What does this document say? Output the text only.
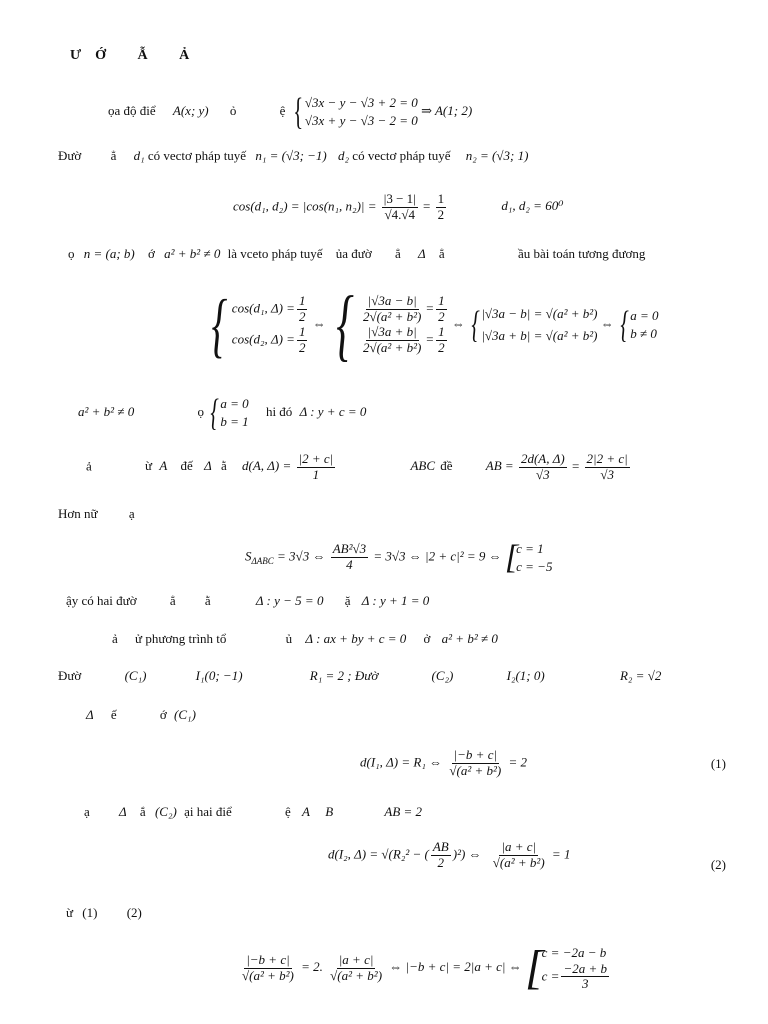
ƯỚ Ẫ Ả
ọa độ điể A(x; y) ỏ	ệ { √3x − y − √3 + 2 = 0
√3x + y − √3 − 2 = 0
⇒ A(1; 2)
Đườ ẳ d₁ có vectơ pháp tuyế n₁ = (√3; −1) d₂ có vectơ pháp tuyế n₂ = (√3; 1)
cos(d₁, d₂) = |cos(n₁, $n_2)| = \frac{|3 - 1|}{√4.√4} = \frac{1}{2}$	d₁, d₂ = 60⁰
ọ n = (a; b) ớ a² + b² ≠ 0 là vceto pháp tuyế ủa đườ ẳ Δ ẳ	ầu bài toán tương đương
{ cos(d₁, $\Delta) = \frac{1}{2}$
cos(d₂, $\Delta) = \frac{1}{2}$
⇔ { $\frac{|√3a - b|}{\text{2√(a² + b²)}} = \frac{1}{2}$
$\frac{|√3a + b|}{\text{2√(a² + b²)}} = \frac{1}{2}$
⇔ { |√3a − b| = √(a² + b²)
|√3a + b| = √(a² + b²)
⇔ { a = 0
b ≠ 0
a² + b² ≠ 0	ọ { a = 0
b = 1
hi đó Δ : y + c = 0
ả	ừ A đế Δ ằ d(A, $\Delta) = \frac{|2 + c|}{1}$	ABC đề	AB = $\frac{2d(A, \Delta)}{√3} = \frac{2|2 + c|}{√3}$
Hơn nữ ạ
$S_{\Delta ABC} = 3√3$ ⇔ $\frac{\text{AB²√3}}{4} = 3√3$ ⇔ |2 + c|² = 9 ⇔ [
c = 1
c = −5
ậy có hai đườ	ẳ ằ	Δ : y − 5 = 0 ặ Δ : y + 1 = 0
ả ử phương trình tổ	ủ Δ : ax + by + c = 0 ở a² + b² ≠ 0
Đườ	(C₁)	I₁(0; −1)	R₁ = 2 ; Đườ	(C₂)	I₂(1; 0)	R₂ = √2
Δ ế	ớ (C₁)
d(I₁, Δ) = R₁ ⇔ $\frac{|-b + c|}{\text{√(a² + b²)}} = 2$	(1)
ạ Δ ắ (C₂) ại hai điể	ệ A B	AB = 2
d(I₂, Δ) = √(R₂² − ( $\frac{AB}{2} )^2$) ⇔ $\frac{|a + c|}{\text{√(a² + b²)}} = 1$
(2)
ừ (1) (2)
$\frac{|-b + c|}{\text{√(a² + b²)}} = 2$. $\frac{|a + c|}{\text{√(a² + b²)}}$ ⇔ |−b + c| = 2|a + c| ⇔ [
c = −2a − b
$c = \frac{-2a + b}{3}$
